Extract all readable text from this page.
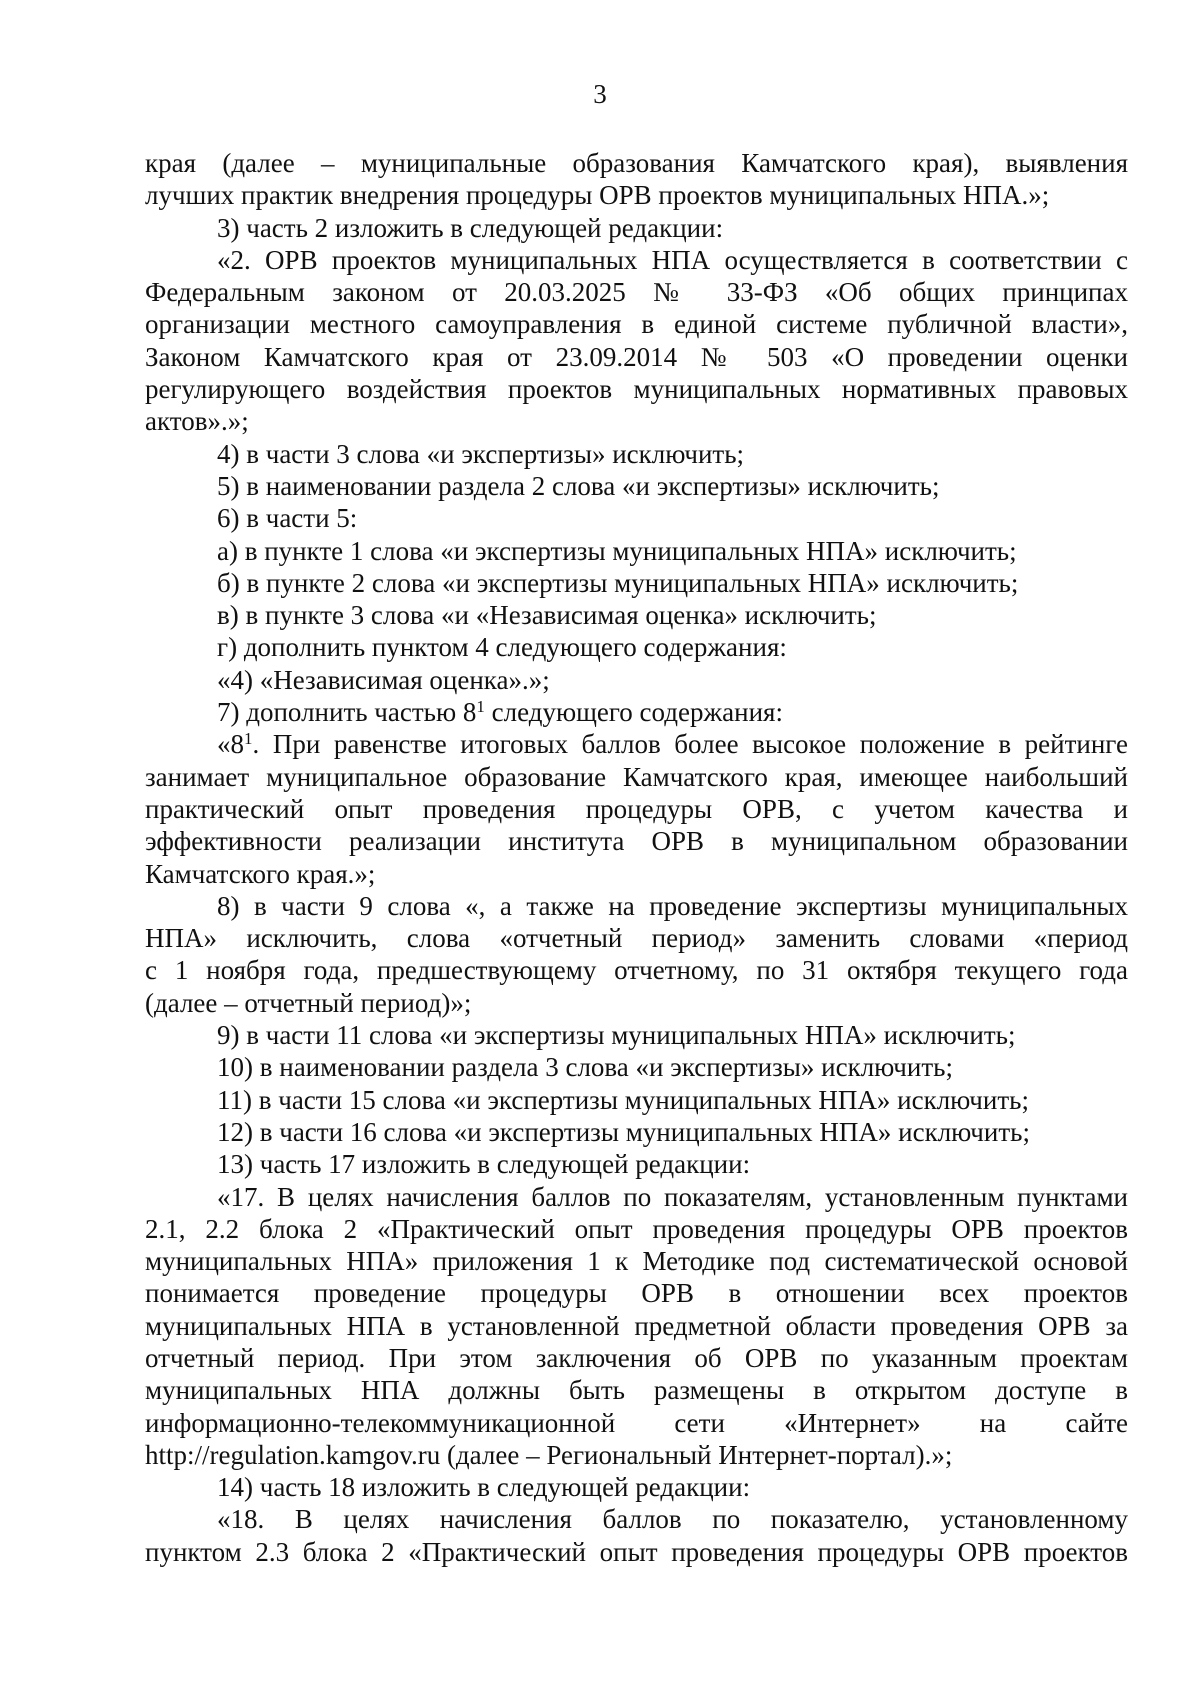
3

края (далее – муниципальные образования Камчатского края), выявления

лучших практик внедрения процедуры ОРВ проектов муниципальных НПА.»;

3) часть 2 изложить в следующей редакции:

«2. ОРВ проектов муниципальных НПА осуществляется в соответствии с

Федеральным законом от 20.03.2025 № 33-ФЗ «Об общих принципах

организации местного самоуправления в единой системе публичной власти»,

Законом Камчатского края от 23.09.2014 № 503 «О проведении оценки

регулирующего воздействия проектов муниципальных нормативных правовых

актов».»;

4) в части 3 слова «и экспертизы» исключить;

5) в наименовании раздела 2 слова «и экспертизы» исключить;

6) в части 5:

а) в пункте 1 слова «и экспертизы муниципальных НПА» исключить;

б) в пункте 2 слова «и экспертизы муниципальных НПА» исключить;

в) в пункте 3 слова «и «Независимая оценка» исключить;

г) дополнить пунктом 4 следующего содержания:

«4) «Независимая оценка».»;

7) дополнить частью $8^1$ следующего содержания:

«$8^1$. При равенстве итоговых баллов более высокое положение в рейтинге

занимает муниципальное образование Камчатского края, имеющее наибольший

практический опыт проведения процедуры ОРВ, с учетом качества и

эффективности реализации института ОРВ в муниципальном образовании

Камчатского края.»;

8) в части 9 слова «, а также на проведение экспертизы муниципальных

НПА» исключить, слова «отчетный период» заменить словами «период

с 1 ноября года, предшествующему отчетному, по 31 октября текущего года

(далее – отчетный период)»;

9) в части 11 слова «и экспертизы муниципальных НПА» исключить;

10) в наименовании раздела 3 слова «и экспертизы» исключить;

11) в части 15 слова «и экспертизы муниципальных НПА» исключить;

12) в части 16 слова «и экспертизы муниципальных НПА» исключить;

13) часть 17 изложить в следующей редакции:

«17. В целях начисления баллов по показателям, установленным пунктами

2.1, 2.2 блока 2 «Практический опыт проведения процедуры ОРВ проектов

муниципальных НПА» приложения 1 к Методике под систематической основой

понимается проведение процедуры ОРВ в отношении всех проектов

муниципальных НПА в установленной предметной области проведения ОРВ за

отчетный период. При этом заключения об ОРВ по указанным проектам

муниципальных НПА должны быть размещены в открытом доступе в

информационно-телекоммуникационной сети «Интернет» на сайте

http://regulation.kamgov.ru (далее – Региональный Интернет-портал).»;

14) часть 18 изложить в следующей редакции:

«18. В целях начисления баллов по показателю, установленному

пунктом 2.3 блока 2 «Практический опыт проведения процедуры ОРВ проектов
